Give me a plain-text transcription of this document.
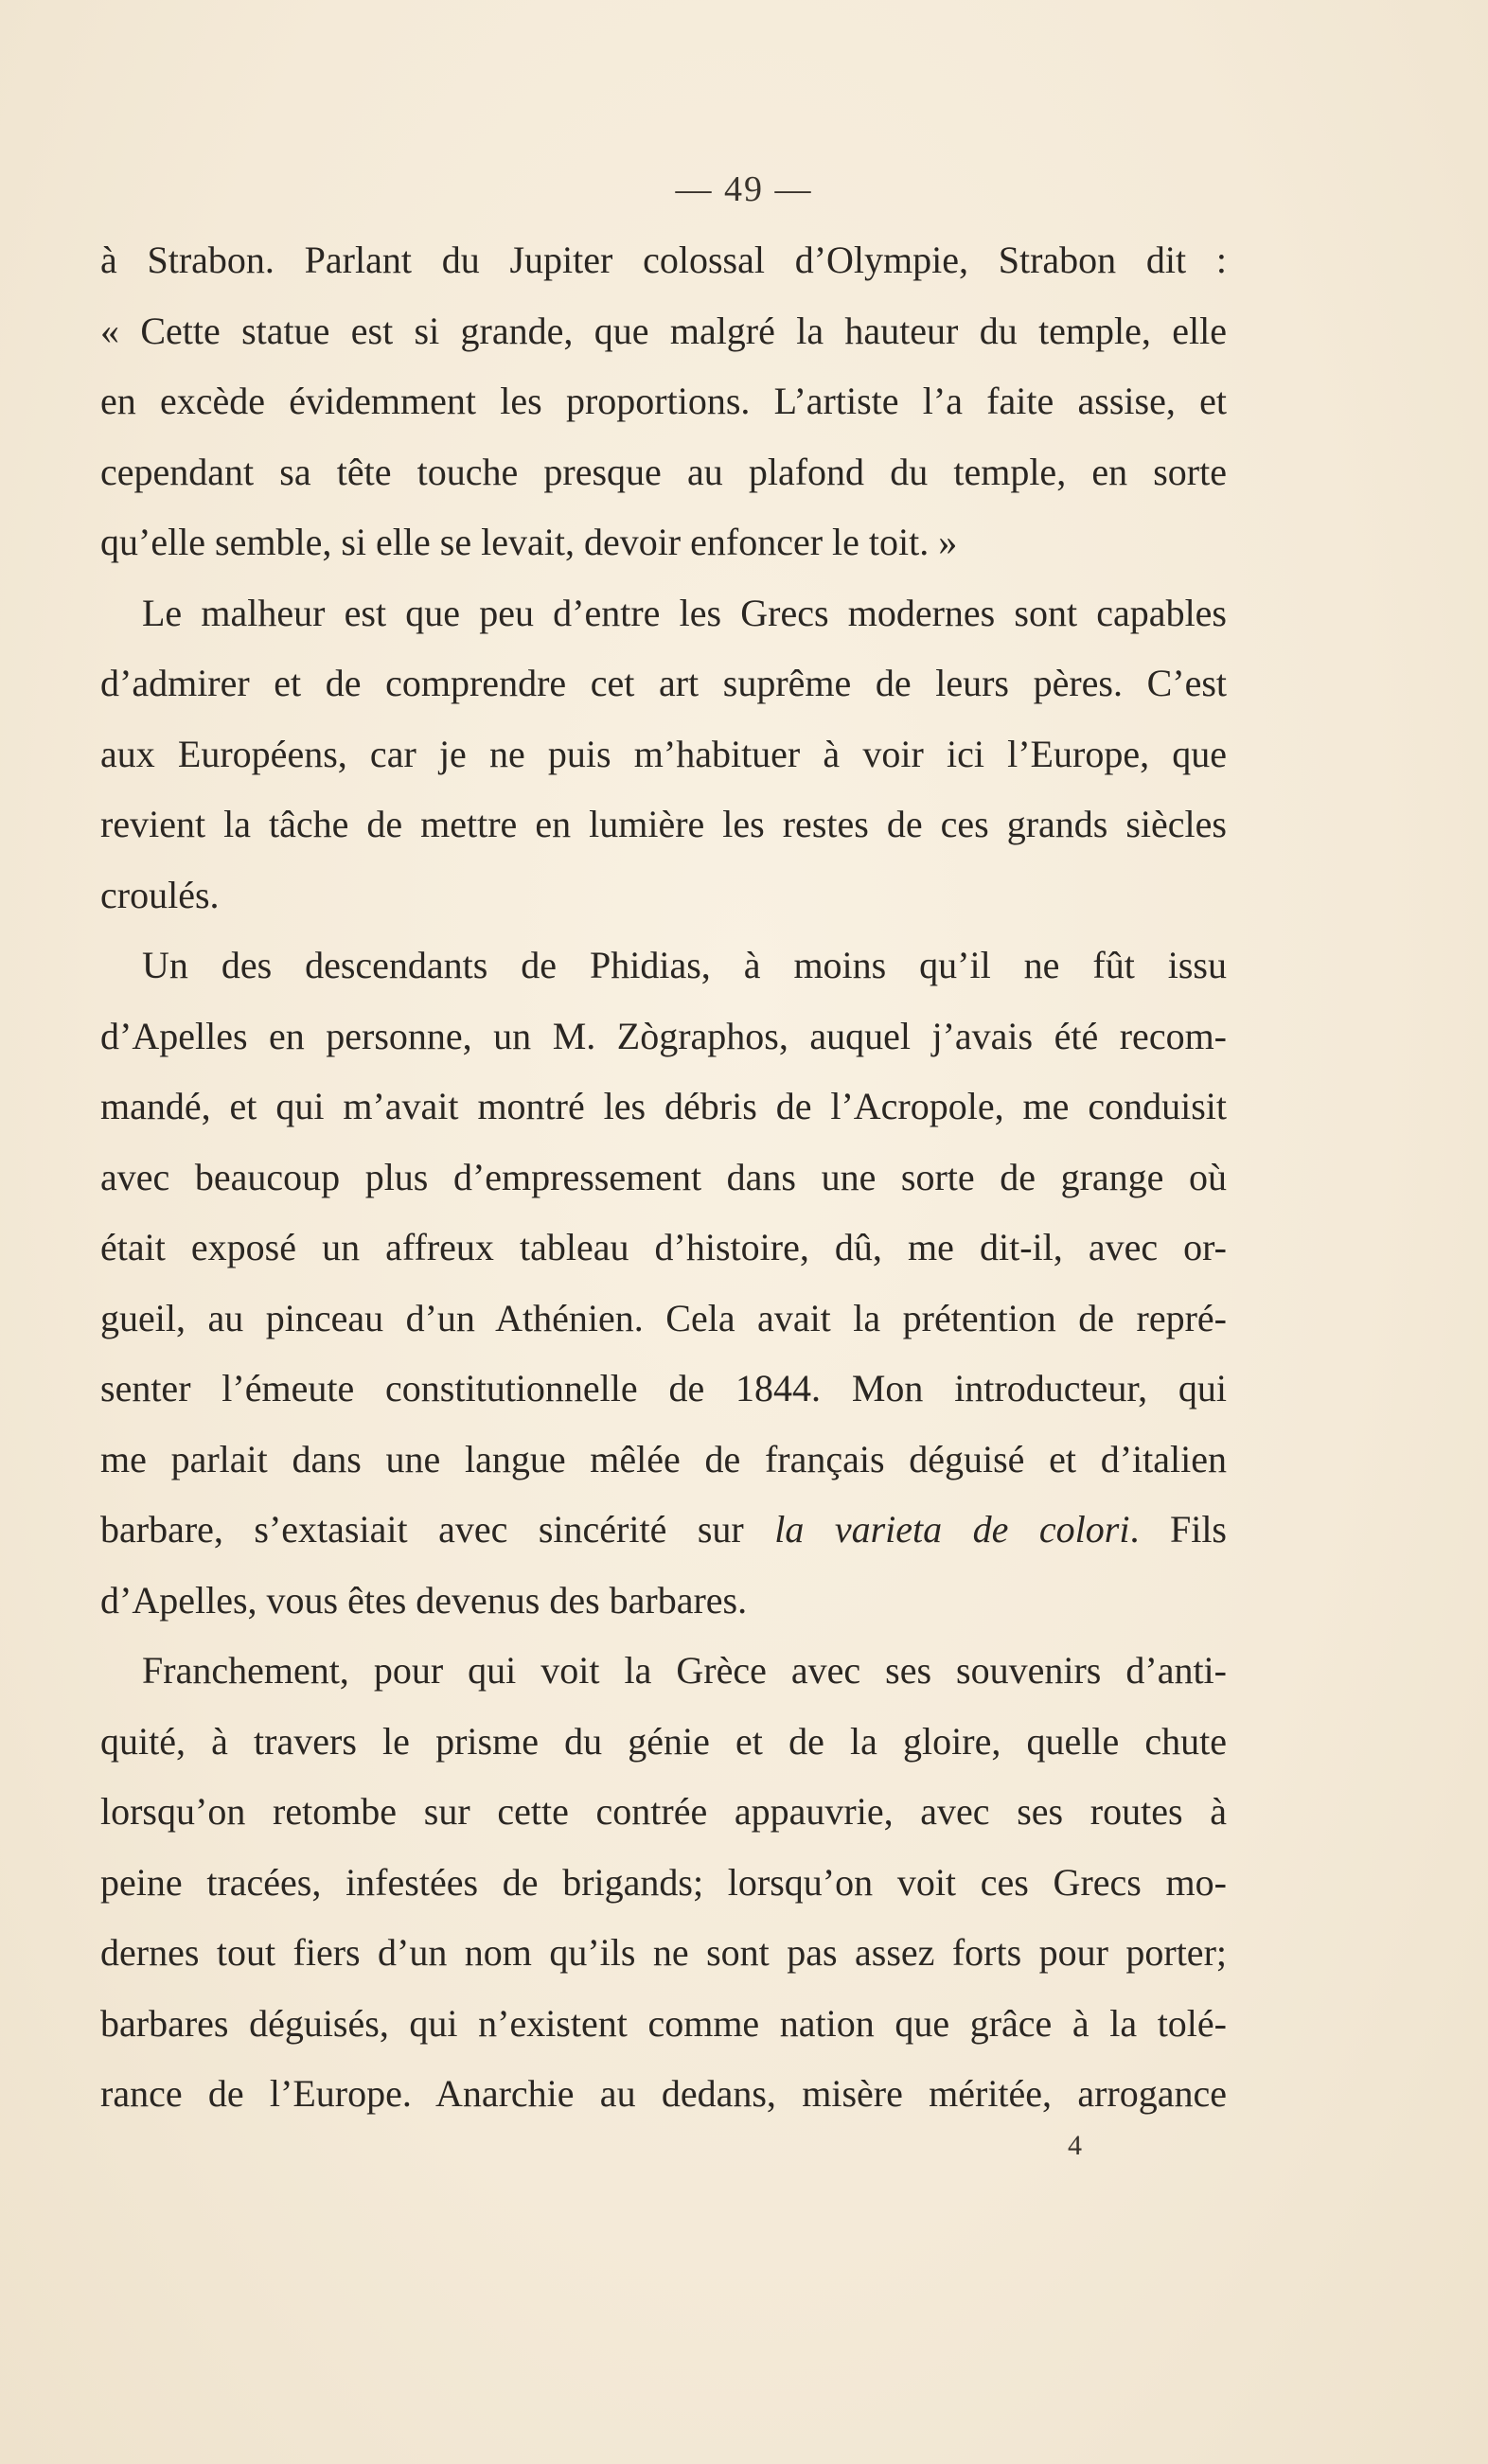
— 49 —
à Strabon. Parlant du Jupiter colossal d’Olympie, Strabon dit :
« Cette statue est si grande, que malgré la hauteur du temple, elle
en excède évidemment les proportions. L’artiste l’a faite assise, et
cependant sa tête touche presque au plafond du temple, en sorte
qu’elle semble, si elle se levait, devoir enfoncer le toit. »
Le malheur est que peu d’entre les Grecs modernes sont capables
d’admirer et de comprendre cet art suprême de leurs pères. C’est
aux Européens, car je ne puis m’habituer à voir ici l’Europe, que
revient la tâche de mettre en lumière les restes de ces grands siècles
croulés.
Un des descendants de Phidias, à moins qu’il ne fût issu
d’Apelles en personne, un M. Zògraphos, auquel j’avais été recom-
mandé, et qui m’avait montré les débris de l’Acropole, me conduisit
avec beaucoup plus d’empressement dans une sorte de grange où
était exposé un affreux tableau d’histoire, dû, me dit-il, avec or-
gueil, au pinceau d’un Athénien. Cela avait la prétention de repré-
senter l’émeute constitutionnelle de 1844. Mon introducteur, qui
me parlait dans une langue mêlée de français déguisé et d’italien
barbare, s’extasiait avec sincérité sur la varieta de colori. Fils
d’Apelles, vous êtes devenus des barbares.
Franchement, pour qui voit la Grèce avec ses souvenirs d’anti-
quité, à travers le prisme du génie et de la gloire, quelle chute
lorsqu’on retombe sur cette contrée appauvrie, avec ses routes à
peine tracées, infestées de brigands; lorsqu’on voit ces Grecs mo-
dernes tout fiers d’un nom qu’ils ne sont pas assez forts pour porter;
barbares déguisés, qui n’existent comme nation que grâce à la tolé-
rance de l’Europe. Anarchie au dedans, misère méritée, arrogance
4
